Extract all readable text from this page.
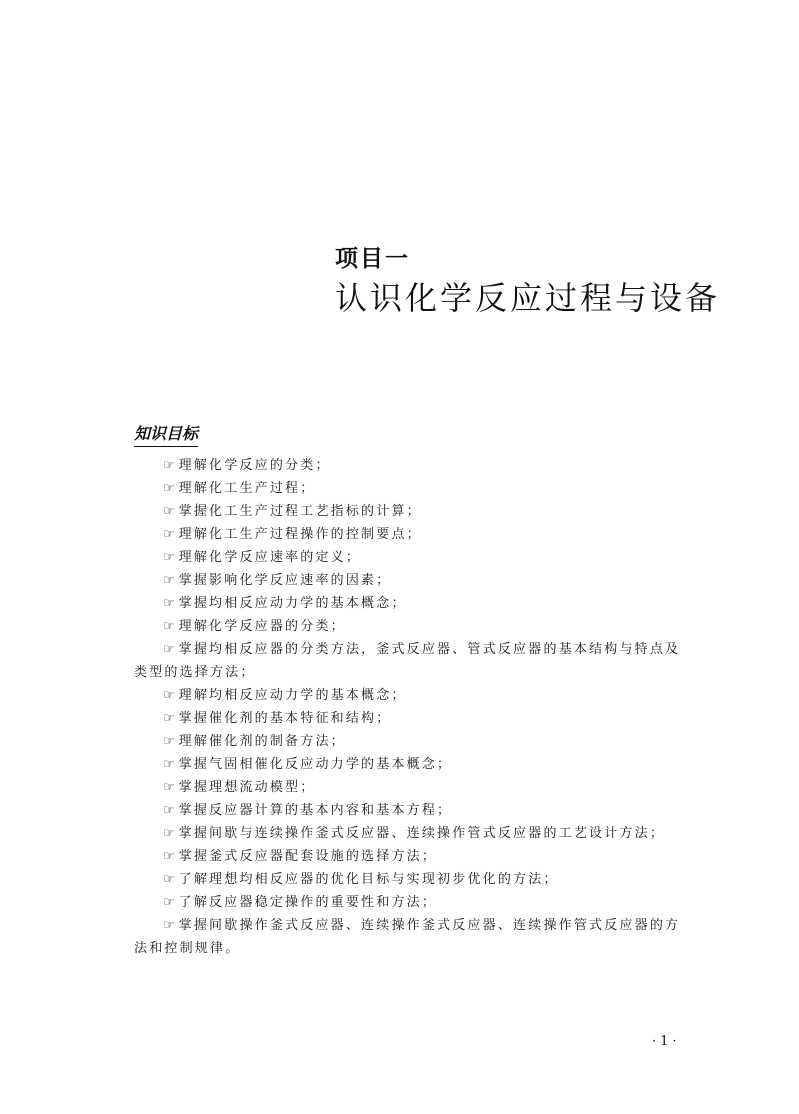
项目一
认识化学反应过程与设备
知识目标
☞ 理解化学反应的分类；
☞ 理解化工生产过程；
☞ 掌握化工生产过程工艺指标的计算；
☞ 理解化工生产过程操作的控制要点；
☞ 理解化学反应速率的定义；
☞ 掌握影响化学反应速率的因素；
☞ 掌握均相反应动力学的基本概念；
☞ 理解化学反应器的分类；
☞ 掌握均相反应器的分类方法，釜式反应器、管式反应器的基本结构与特点及类型的选择方法；
☞ 理解均相反应动力学的基本概念；
☞ 掌握催化剂的基本特征和结构；
☞ 理解催化剂的制备方法；
☞ 掌握气固相催化反应动力学的基本概念；
☞ 掌握理想流动模型；
☞ 掌握反应器计算的基本内容和基本方程；
☞ 掌握间歇与连续操作釜式反应器、连续操作管式反应器的工艺设计方法；
☞ 掌握釜式反应器配套设施的选择方法；
☞ 了解理想均相反应器的优化目标与实现初步优化的方法；
☞ 了解反应器稳定操作的重要性和方法；
☞ 掌握间歇操作釜式反应器、连续操作釜式反应器、连续操作管式反应器的方法和控制规律。
·1·
